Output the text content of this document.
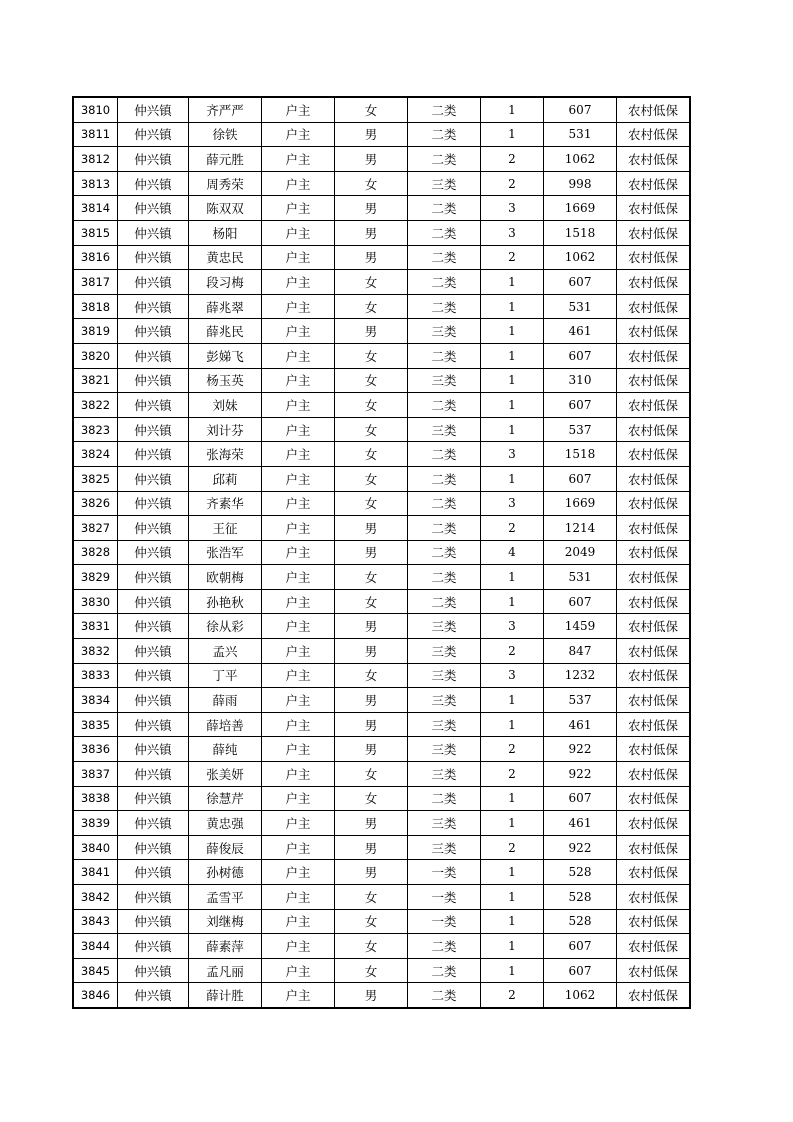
3810	仲兴镇	齐严严	户主	女	二类	1	607	农村低保
3811	仲兴镇	徐铁	户主	男	二类	1	531	农村低保
3812	仲兴镇	薛元胜	户主	男	二类	2	1062	农村低保
3813	仲兴镇	周秀荣	户主	女	三类	2	998	农村低保
3814	仲兴镇	陈双双	户主	男	二类	3	1669	农村低保
3815	仲兴镇	杨阳	户主	男	二类	3	1518	农村低保
3816	仲兴镇	黄忠民	户主	男	二类	2	1062	农村低保
3817	仲兴镇	段习梅	户主	女	二类	1	607	农村低保
3818	仲兴镇	薛兆翠	户主	女	二类	1	531	农村低保
3819	仲兴镇	薛兆民	户主	男	三类	1	461	农村低保
3820	仲兴镇	彭娣飞	户主	女	二类	1	607	农村低保
3821	仲兴镇	杨玉英	户主	女	三类	1	310	农村低保
3822	仲兴镇	刘妹	户主	女	二类	1	607	农村低保
3823	仲兴镇	刘计芬	户主	女	三类	1	537	农村低保
3824	仲兴镇	张海荣	户主	女	二类	3	1518	农村低保
3825	仲兴镇	邱莉	户主	女	二类	1	607	农村低保
3826	仲兴镇	齐素华	户主	女	二类	3	1669	农村低保
3827	仲兴镇	王征	户主	男	二类	2	1214	农村低保
3828	仲兴镇	张浩军	户主	男	二类	4	2049	农村低保
3829	仲兴镇	欧朝梅	户主	女	二类	1	531	农村低保
3830	仲兴镇	孙艳秋	户主	女	二类	1	607	农村低保
3831	仲兴镇	徐从彩	户主	男	三类	3	1459	农村低保
3832	仲兴镇	孟兴	户主	男	三类	2	847	农村低保
3833	仲兴镇	丁平	户主	女	三类	3	1232	农村低保
3834	仲兴镇	薛雨	户主	男	三类	1	537	农村低保
3835	仲兴镇	薛培善	户主	男	三类	1	461	农村低保
3836	仲兴镇	薛纯	户主	男	三类	2	922	农村低保
3837	仲兴镇	张美妍	户主	女	三类	2	922	农村低保
3838	仲兴镇	徐慧芹	户主	女	二类	1	607	农村低保
3839	仲兴镇	黄忠强	户主	男	三类	1	461	农村低保
3840	仲兴镇	薛俊辰	户主	男	三类	2	922	农村低保
3841	仲兴镇	孙树德	户主	男	一类	1	528	农村低保
3842	仲兴镇	孟雪平	户主	女	一类	1	528	农村低保
3843	仲兴镇	刘继梅	户主	女	一类	1	528	农村低保
3844	仲兴镇	薛素萍	户主	女	二类	1	607	农村低保
3845	仲兴镇	孟凡丽	户主	女	二类	1	607	农村低保
3846	仲兴镇	薛计胜	户主	男	二类	2	1062	农村低保
